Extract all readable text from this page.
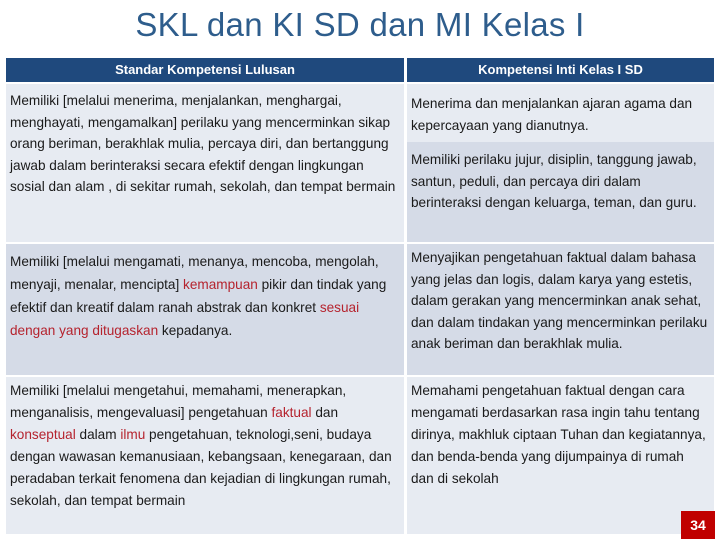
SKL dan KI SD dan MI Kelas I
Standar Kompetensi Lulusan	Kompetensi Inti Kelas I SD
Memiliki [melalui menerima, menjalankan, menghargai, menghayati, mengamalkan] perilaku yang mencerminkan sikap orang beriman, berakhlak mulia, percaya diri, dan bertanggung jawab dalam berinteraksi secara efektif dengan lingkungan sosial dan alam , di sekitar rumah, sekolah, dan tempat bermain
Menerima dan menjalankan ajaran agama dan kepercayaan yang dianutnya.
Memiliki perilaku jujur, disiplin, tanggung jawab, santun, peduli, dan percaya diri dalam berinteraksi dengan keluarga, teman, dan guru.
Memiliki [melalui mengamati, menanya, mencoba, mengolah, menyaji, menalar, mencipta] kemampuan pikir dan tindak yang efektif dan kreatif dalam ranah abstrak dan konkret sesuai dengan yang ditugaskan kepadanya.
Menyajikan pengetahuan faktual dalam bahasa yang jelas dan logis, dalam karya yang estetis, dalam gerakan yang mencerminkan anak sehat, dan dalam tindakan yang mencerminkan perilaku anak beriman dan berakhlak mulia.
Memiliki [melalui mengetahui, memahami, menerapkan, menganalisis, mengevaluasi] pengetahuan faktual dan konseptual dalam ilmu pengetahuan, teknologi,seni, budaya dengan wawasan kemanusiaan, kebangsaan, kenegaraan, dan peradaban terkait fenomena dan kejadian di lingkungan rumah, sekolah, dan tempat bermain
Memahami pengetahuan faktual dengan cara mengamati berdasarkan rasa ingin tahu tentang dirinya, makhluk ciptaan Tuhan dan kegiatannya, dan benda-benda yang dijumpainya di rumah dan di sekolah
34
